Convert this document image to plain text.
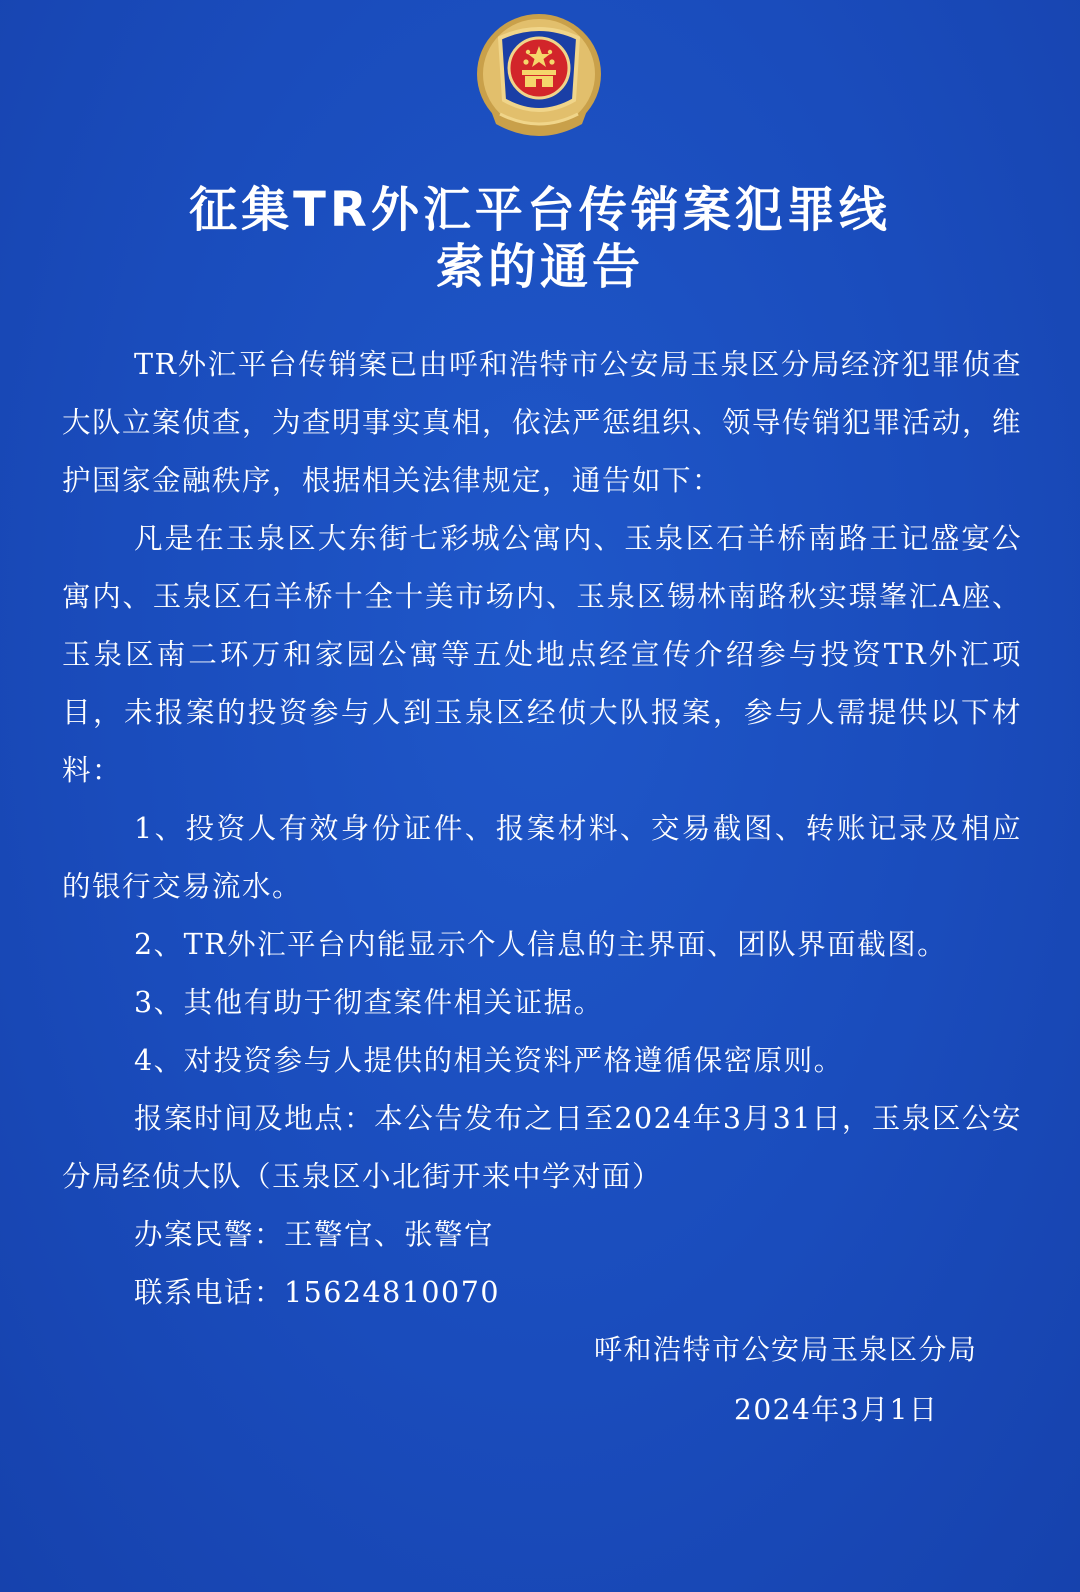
征集TR外汇平台传销案犯罪线
索的通告

TR外汇平台传销案已由呼和浩特市公安局玉泉区分局经济犯罪侦查大队立案侦查，为查明事实真相，依法严惩组织、领导传销犯罪活动，维护国家金融秩序，根据相关法律规定，通告如下：

凡是在玉泉区大东街七彩城公寓内、玉泉区石羊桥南路王记盛宴公寓内、玉泉区石羊桥十全十美市场内、玉泉区锡林南路秋实璟峯汇A座、玉泉区南二环万和家园公寓等五处地点经宣传介绍参与投资TR外汇项目，未报案的投资参与人到玉泉区经侦大队报案，参与人需提供以下材料：

1、投资人有效身份证件、报案材料、交易截图、转账记录及相应的银行交易流水。

2、TR外汇平台内能显示个人信息的主界面、团队界面截图。

3、其他有助于彻查案件相关证据。

4、对投资参与人提供的相关资料严格遵循保密原则。

报案时间及地点：本公告发布之日至2024年3月31日，玉泉区公安分局经侦大队（玉泉区小北街开来中学对面）

办案民警：王警官、张警官

联系电话：15624810070

呼和浩特市公安局玉泉区分局
2024年3月1日
